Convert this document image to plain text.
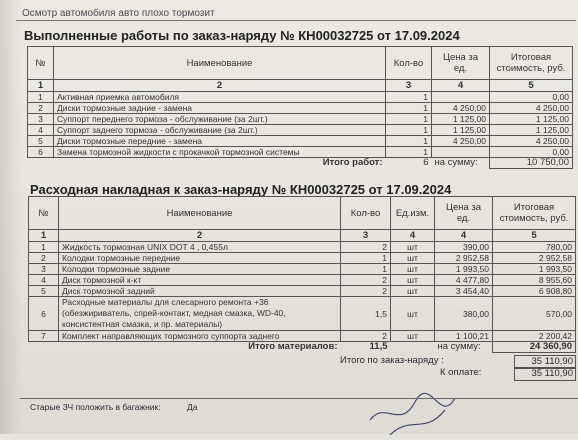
Осмотр автомобиля авто плохо тормозит
Выполненные работы по заказ-наряду № КН00032725 от 17.09.2024
№	Наименование	Кол-во	Цена за ед.	Итоговая стоимость, руб.
1	2	3	4	5
1	Активная приемка автомобиля	1		0,00
2	Диски тормозные задние - замена	1	4 250,00	4 250,00
3	Суппорт переднего тормоза - обслуживание (за 2шт.)	1	1 125,00	1 125,00
4	Суппорт заднего тормоза - обслуживание (за 2шт.)	1	1 125,00	1 125,00
5	Диски тормозные передние - замена	1	4 250,00	4 250,00
6	Замена тормозной жидкости с прокачкой тормозной системы	1		0,00
	Итого работ:	6	на сумму:	10 750,00
Расходная накладная к заказ-наряду № КН00032725 от 17.09.2024
№	Наименование	Кол-во	Ед.изм.	Цена за ед.	Итоговая стоимость, руб.
1	2	3	4	4	5
1	Жидкость тормозная UNIX DOT 4 , 0,455л	2	шт	390,00	780,00
2	Колодки тормозные передние	1	шт	2 952,58	2 952,58
3	Колодки тормозные задние	1	шт	1 993,50	1 993,50
4	Диск тормозной к-кт	2	шт	4 477,80	8 955,60
5	Диск тормозной задний	2	шт	3 454,40	6 908,80
6	Расходные материалы для слесарного ремонта +36 (обезжириватель, спрей-контакт, медная смазка, WD-40, консистентная смазка, и пр. материалы)	1,5	шт	380,00	570,00
7	Комплект направляющих тормозного суппорта заднего	2	шт	1 100,21	2 200,42
	Итого материалов:	11,5		на сумму:	24 360,90
Итого по заказ-наряду :	35 110,90
К оплате:	35 110,90
Старые ЗЧ положить в багажник:	Да
